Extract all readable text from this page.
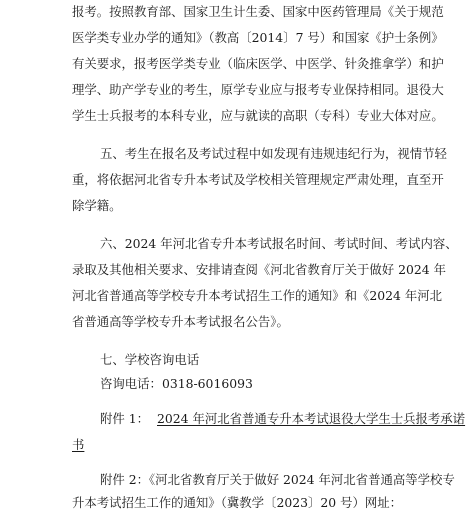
报考。按照教育部、国家卫生计生委、国家中医药管理局《关于规范
医学类专业办学的通知》（教高〔2014〕7 号）和国家《护士条例》
有关要求，报考医学类专业（临床医学、中医学、针灸推拿学）和护
理学、助产学专业的考生，原学专业应与报考专业保持相同。退役大
学生士兵报考的本科专业，应与就读的高职（专科）专业大体对应。
五、考生在报名及考试过程中如发现有违规违纪行为，视情节轻
重，将依据河北省专升本考试及学校相关管理规定严肃处理，直至开
除学籍。
六、2024 年河北省专升本考试报名时间、考试时间、考试内容、
录取及其他相关要求、安排请查阅《河北省教育厅关于做好 2024 年
河北省普通高等学校专升本考试招生工作的通知》和《2024 年河北
省普通高等学校专升本考试报名公告》。
七、学校咨询电话
咨询电话：0318-6016093
附件 1： 2024 年河北省普通专升本考试退役大学生士兵报考承诺
书
附件 2：《河北省教育厅关于做好 2024 年河北省普通高等学校专
升本考试招生工作的通知》（冀教学〔2023〕20 号）网址：
